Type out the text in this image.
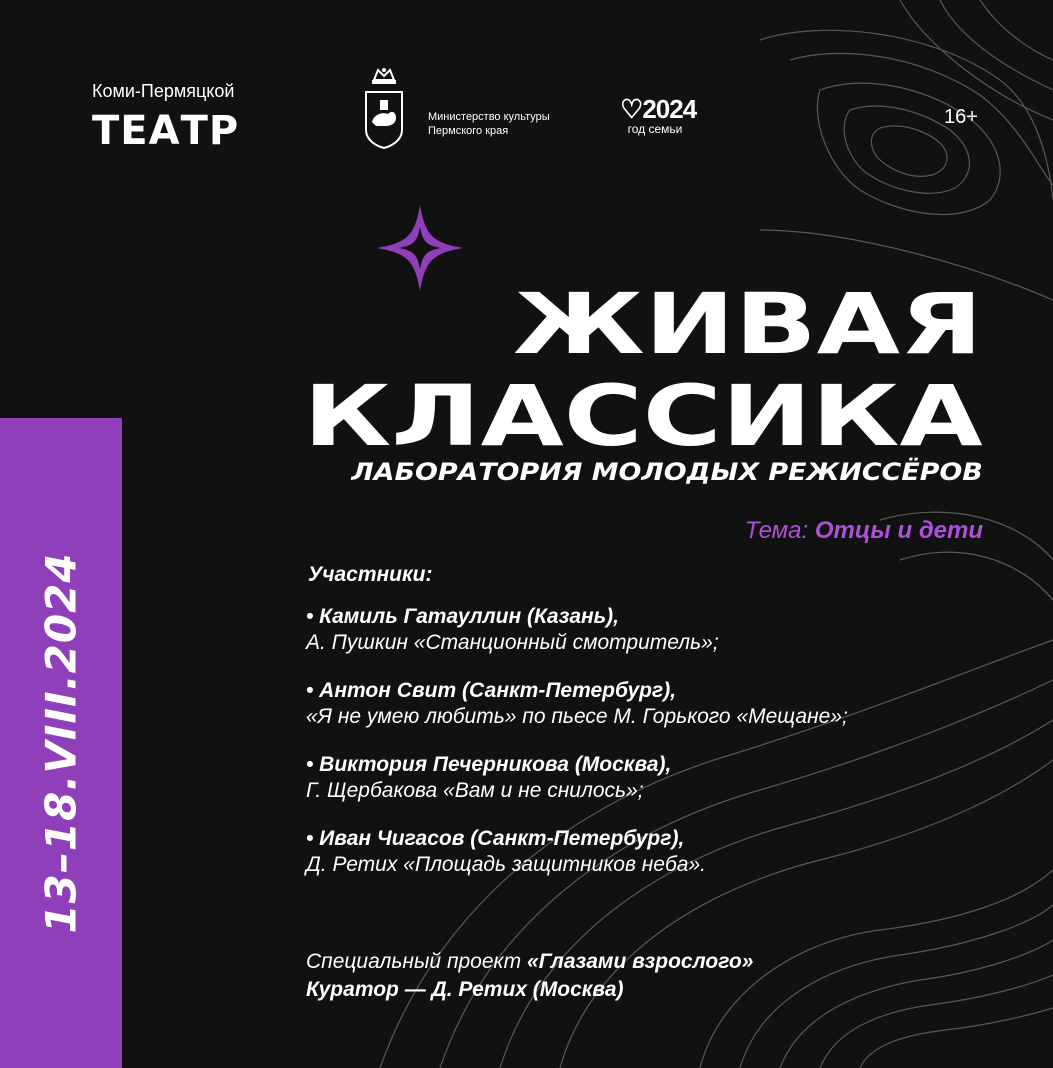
Коми-Пермяцкой
ТЕАТР	Министерство культуры
Пермского края
♡2024
год семьи
16+
ЖИВАЯ
КЛАССИКА
ЛАБОРАТОРИЯ МОЛОДЫХ РЕЖИССЁРОВ
Тема: Отцы и дети
Участники:
• Камиль Гатауллин (Казань),
А. Пушкин «Станционный смотритель»;
• Антон Свит (Санкт-Петербург),
«Я не умею любить» по пьесе М. Горького «Мещане»;
• Виктория Печерникова (Москва),
Г. Щербакова «Вам и не снилось»;
• Иван Чигасов (Санкт-Петербург),
Д. Ретих «Площадь защитников неба».
Специальный проект «Глазами взрослого»
Куратор — Д. Ретих (Москва)
13–18.VIII.2024
